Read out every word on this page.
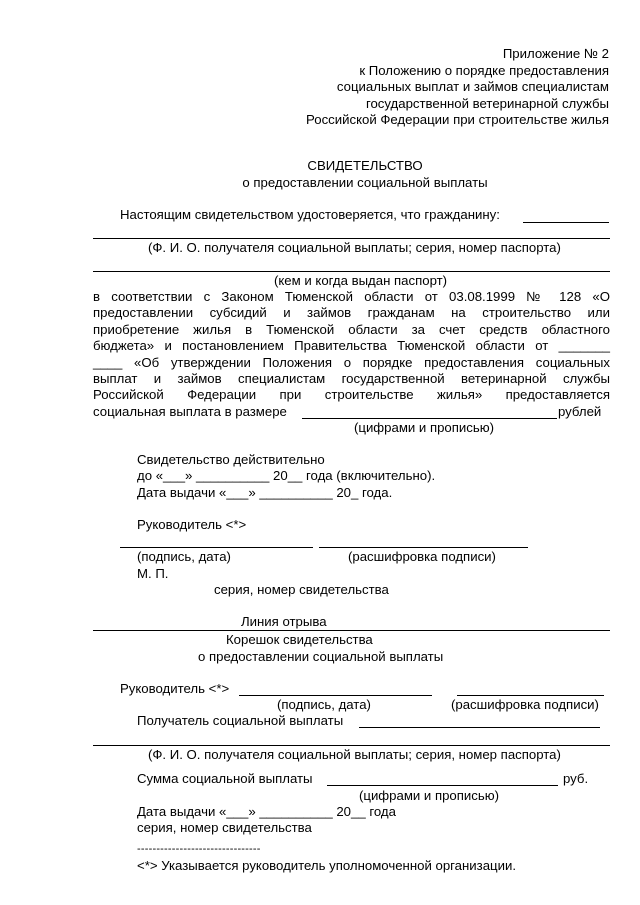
Приложение № 2
к Положению о порядке предоставления
социальных выплат и займов специалистам
государственной ветеринарной службы
Российской Федерации при строительстве жилья
СВИДЕТЕЛЬСТВО
о предоставлении социальной выплаты
Настоящим свидетельством удостоверяется, что гражданину:
(Ф. И. О. получателя социальной выплаты; серия, номер паспорта)
(кем и когда выдан паспорт)
в соответствии с Законом Тюменской области от 03.08.1999 № 128 «О
предоставлении субсидий и займов гражданам на строительство или
приобретение жилья в Тюменской области за счет средств областного
бюджета» и постановлением Правительства Тюменской области от _______
____ «Об утверждении Положения о порядке предоставления социальных
выплат и займов специалистам государственной ветеринарной службы
Российской Федерации при строительстве жилья» предоставляется
социальная выплата в размере	рублей
(цифрами и прописью)
Свидетельство действительно
до «___» __________ 20__ года (включительно).
Дата выдачи «___» __________ 20_ года.
Руководитель <*>
(подпись, дата)	(расшифровка подписи)
М. П.
серия, номер свидетельства
Линия отрыва
Корешок свидетельства
о предоставлении социальной выплаты
Руководитель <*>
(подпись, дата)	(расшифровка подписи)
Получатель социальной выплаты
(Ф. И. О. получателя социальной выплаты; серия, номер паспорта)
Сумма социальной выплаты	руб.
(цифрами и прописью)
Дата выдачи «___» __________ 20__ года
серия, номер свидетельства
--------------------------------
<*> Указывается руководитель уполномоченной организации.
